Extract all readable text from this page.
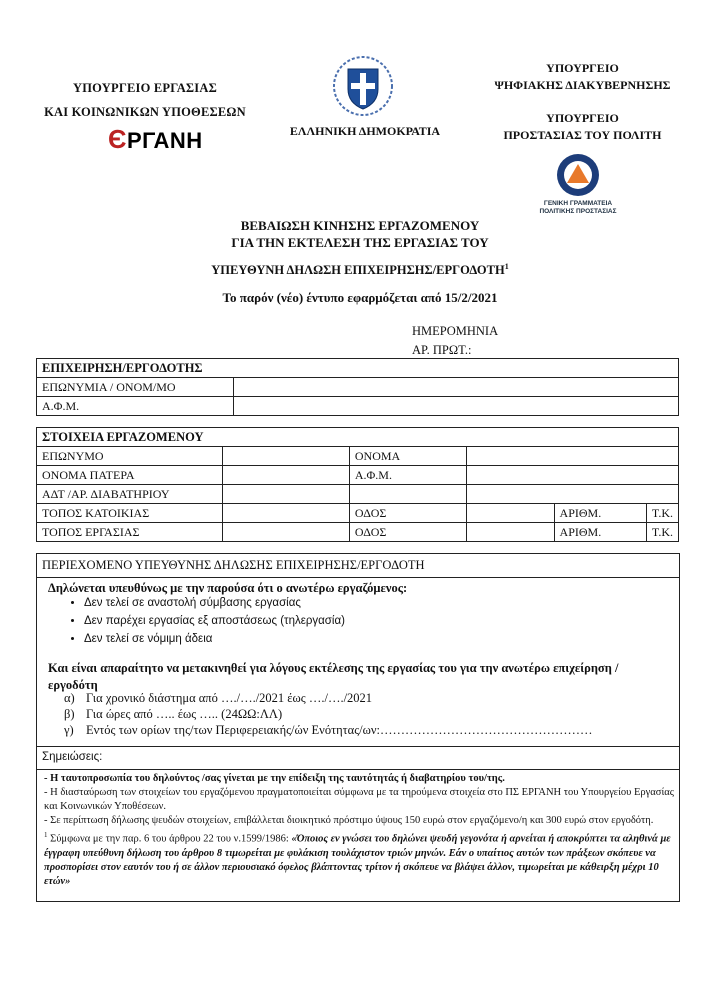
ΥΠΟΥΡΓΕΙΟ ΕΡΓΑΣΙΑΣ
ΚΑΙ ΚΟΙΝΩΝΙΚΩΝ ΥΠΟΘΕΣΕΩΝ
ЄΡΓΑΝΗ	ΕΛΛΗΝΙΚΗ ΔΗΜΟΚΡΑΤΙΑ
ΥΠΟΥΡΓΕΙΟ
ΨΗΦΙΑΚΗΣ ΔΙΑΚΥΒΕΡΝΗΣΗΣ
ΥΠΟΥΡΓΕΙΟ
ΠΡΟΣΤΑΣΙΑΣ ΤΟΥ ΠΟΛΙΤΗ
ΓΕΝΙΚΗ ΓΡΑΜΜΑΤΕΙΑ
ΠΟΛΙΤΙΚΗΣ ΠΡΟΣΤΑΣΙΑΣ
ΒΕΒΑΙΩΣΗ ΚΙΝΗΣΗΣ ΕΡΓΑΖΟΜΕΝΟΥ
ΓΙΑ ΤΗΝ ΕΚΤΕΛΕΣΗ ΤΗΣ ΕΡΓΑΣΙΑΣ ΤΟΥ
ΥΠΕΥΘΥΝΗ ΔΗΛΩΣΗ ΕΠΙΧΕΙΡΗΣΗΣ/ΕΡΓΟΔΟΤΗ$^1$
Το παρόν (νέο) έντυπο εφαρμόζεται από 15/2/2021
ΗΜΕΡΟΜΗΝΙΑ
ΑΡ. ΠΡΩΤ.:
ΕΠΙΧΕΙΡΗΣΗ/ΕΡΓΟΔΟΤΗΣ	
ΕΠΩΝΥΜΙΑ / ΟΝΟΜ/ΜΟ	
Α.Φ.Μ.	
ΣΤΟΙΧΕΙΑ ΕΡΓΑΖΟΜΕΝΟΥ					
ΕΠΩΝΥΜΟ		ΟΝΟΜΑ			
ΟΝΟΜΑ ΠΑΤΕΡΑ		Α.Φ.Μ.			
ΑΔΤ /ΑΡ. ΔΙΑΒΑΤΗΡΙΟΥ					
ΤΟΠΟΣ ΚΑΤΟΙΚΙΑΣ		ΟΔΟΣ		ΑΡΙΘΜ.	Τ.Κ.
ΤΟΠΟΣ ΕΡΓΑΣΙΑΣ		ΟΔΟΣ		ΑΡΙΘΜ.	Τ.Κ.
ΠΕΡΙΕΧΟΜΕΝΟ ΥΠΕΥΘΥΝΗΣ ΔΗΛΩΣΗΣ ΕΠΙΧΕΙΡΗΣΗΣ/ΕΡΓΟΔΟΤΗ
Δηλώνεται υπευθύνως με την παρούσα ότι ο ανωτέρω εργαζόμενος:
• Δεν τελεί σε αναστολή σύμβασης εργασίας
• Δεν παρέχει εργασίας εξ αποστάσεως (τηλεργασία)
• Δεν τελεί σε νόμιμη άδεια
Και είναι απαραίτητο να μετακινηθεί για λόγους εκτέλεσης της εργασίας του για την ανωτέρω επιχείρηση / εργοδότη
α) Για χρονικό διάστημα από …./…./2021 έως …./…./2021
β) Για ώρες από ….. έως ….. (24ΩΩ:ΛΛ)
γ) Εντός των ορίων της/των Περιφερειακής/ών Ενότητας/ων:……………………………………………
Σημειώσεις:

- Η ταυτοπροσωπία του δηλούντος /σας γίνεται με την επίδειξη της ταυτότητάς ή διαβατηρίου του/της.

- Η διασταύρωση των στοιχείων του εργαζόμενου πραγματοποιείται σύμφωνα με τα τηρούμενα στοιχεία στο ΠΣ ΕΡΓΑΝΗ του Υπουργείου Εργασίας και Κοινωνικών Υποθέσεων.

- Σε περίπτωση δήλωσης ψευδών στοιχείων, επιβάλλεται διοικητικό πρόστιμο ύψους 150 ευρώ στον εργαζόμενο/η και 300 ευρώ στον εργοδότη.

$^1$ Σύμφωνα με την παρ. 6 του άρθρου 22 του ν.1599/1986: «Όποιος εν γνώσει του δηλώνει ψευδή γεγονότα ή αρνείται ή αποκρύπτει τα αληθινά με έγγραφη υπεύθυνη δήλωση του άρθρου 8 τιμωρείται με φυλάκιση τουλάχιστον τριών μηνών. Εάν ο υπαίτιος αυτών των πράξεων σκόπευε να προσπορίσει στον εαυτόν του ή σε άλλον περιουσιακό όφελος βλάπτοντας τρίτον ή σκόπευε να βλάψει άλλον, τιμωρείται με κάθειρξη μέχρι 10 ετών»
